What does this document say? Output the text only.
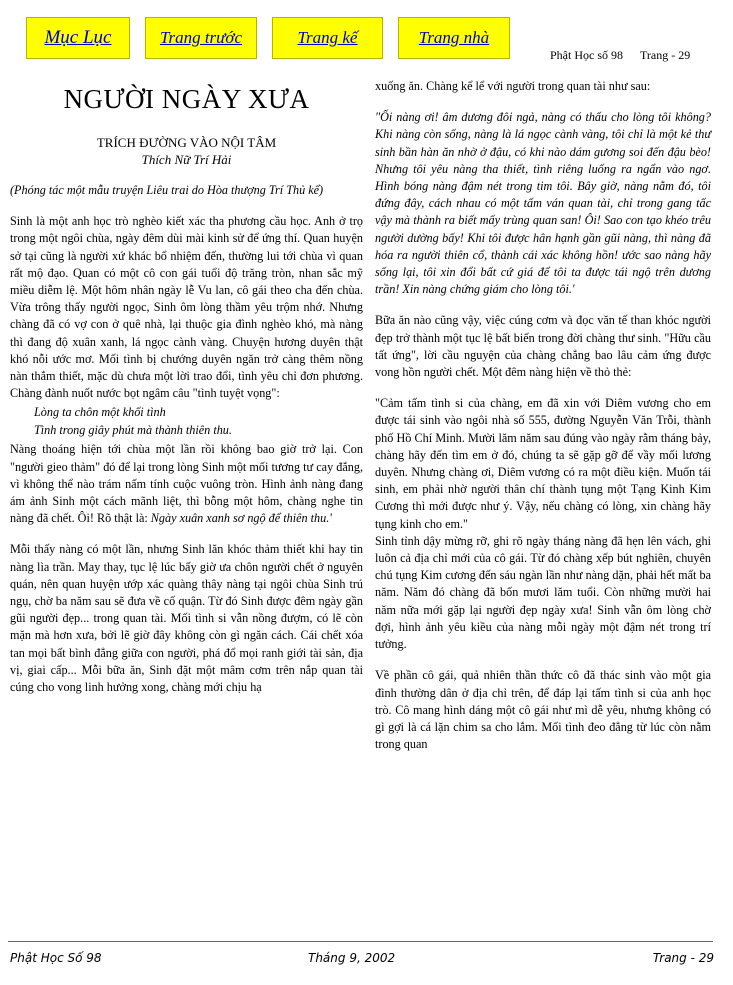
Mục Lục	Trang trước	Trang kế	Trang nhà
Phật Học số 98 Trang - 29
NGƯỜI NGÀY XƯA
TRÍCH ĐƯỜNG VÀO NỘI TÂM
Thích Nữ Trí Hải

(Phóng tác một mẫu truyện Liêu trai do Hòa thượng Trí Thủ kể)

Sinh là một anh học trò nghèo kiết xác tha phương cầu học. Anh ở trọ trong một ngôi chùa, ngày đêm dùi mài kinh sử để ứng thí. Quan huyện sở tại cũng là người xứ khác bổ nhiệm đến, thường lui tới chùa vì quan rất mộ đạo. Quan có một cô con gái tuổi độ trăng tròn, nhan sắc mỹ miều diễm lệ. Một hôm nhân ngày lễ Vu lan, cô gái theo cha đến chùa. Vừa trông thấy người ngọc, Sinh ôm lòng thầm yêu trộm nhớ. Nhưng chàng đã có vợ con ở quê nhà, lại thuộc gia đình nghèo khó, mà nàng thì đang độ xuân xanh, lá ngọc cành vàng. Chuyện hương duyên thật khó nỗi ước mơ. Mối tình bị chướng duyên ngăn trở càng thêm nồng nàn thắm thiết, mặc dù chưa một lời trao đổi, tình yêu chỉ đơn phương. Chàng đành nuốt nước bọt ngâm câu "tình tuyệt vọng":

Lòng ta chôn một khối tình
Tình trong giây phút mà thành thiên thu.

Nàng thoáng hiện tới chùa một lần rồi không bao giờ trở lại. Con "người gieo thảm" đó để lại trong lòng Sinh một mối tương tư cay đắng, vì không thể nào trám nấm tính cuộc vuông tròn. Hình ảnh nàng đang ám ảnh Sinh một cách mãnh liệt, thì bỗng một hôm, chàng nghe tin nàng đã chết. Ôi! Rõ thật là: Ngày xuân xanh sơ ngộ để thiên thu.'

Mỗi thấy nàng có một lần, nhưng Sinh lăn khóc thảm thiết khi hay tin nàng lìa trần. May thay, tục lệ lúc bấy giờ ưa chôn người chết ở nguyên quán, nên quan huyện ướp xác quàng thây nàng tại ngôi chùa Sinh trú ngụ, chờ ba năm sau sẽ đưa về cố quận. Từ đó Sinh được đêm ngày gần gũi người đẹp... trong quan tài. Mối tình si vẫn nồng đượm, có lẽ còn mặn mà hơn xưa, bởi lẽ giờ đây không còn gì ngăn cách. Cái chết xóa tan mọi bất bình đẳng giữa con người, phá đổ mọi ranh giới tài sản, địa vị, giai cấp... Mỗi bữa ăn, Sinh đặt một mâm cơm trên nắp quan tài cúng cho vong linh hưởng xong, chàng mới chịu hạ

xuống ăn. Chàng kể lể với người trong quan tài như sau:

"Ối nàng ơi! âm dương đôi ngả, nàng có thấu cho lòng tôi không? Khi nàng còn sống, nàng là lá ngọc cành vàng, tôi chỉ là một kẻ thư sinh bần hàn ăn nhờ ở đậu, có khi nào dám gương soi đến đậu bèo! Nhưng tôi yêu nàng tha thiết, tình riêng luống ra ngẩn vào ngơ. Hình bóng nàng đậm nét trong tim tôi. Bây giờ, nàng nằm đó, tôi đứng đây, cách nhau có một tấm ván quan tài, chỉ trong gang tấc vậy mà thành ra biết mấy trùng quan san! Ôi! Sao con tạo khéo trêu người dường bấy! Khi tôi được hân hạnh gần gũi nàng, thì nàng đã hóa ra người thiên cổ, thành cái xác không hồn! ước sao nàng hãy sống lại, tôi xin đổi bất cứ giá để tôi ta được tái ngộ trên dương trần! Xin nàng chứng giám cho lòng tôi.'

Bữa ăn nào cũng vậy, việc cúng cơm và đọc văn tế than khóc người đẹp trở thành một tục lệ bất biến trong đời chàng thư sinh. "Hữu cầu tất ứng", lời cầu nguyện của chàng chẳng bao lâu cảm ứng được vong hồn người chết. Một đêm nàng hiện về thỏ thẻ:

"Cảm tấm tình si của chàng, em đã xin với Diêm vương cho em được tái sinh vào ngôi nhà số 555, đường Nguyễn Văn Trỗi, thành phố Hồ Chí Minh. Mười lăm năm sau đúng vào ngày rằm tháng bảy, chàng hãy đến tìm em ở đó, chúng ta sẽ gặp gỡ để vầy mối lương duyên. Nhưng chàng ơi, Diêm vương có ra một điều kiện. Muốn tái sinh, em phải nhờ người thân chí thành tụng một Tạng Kinh Kim Cương thì mới được như ý. Vậy, nếu chàng có lòng, xin chàng hãy tụng kinh cho em."

Sinh tỉnh dậy mừng rỡ, ghi rõ ngày tháng nàng đã hẹn lên vách, ghi luôn cả địa chỉ mới của cô gái. Từ đó chàng xếp bút nghiên, chuyên chú tụng Kim cương đến sáu ngàn lần như nàng dặn, phải hết mất ba năm. Năm đó chàng đã bốn mươi lăm tuổi. Còn những mười hai năm nữa mới gặp lại người đẹp ngày xưa! Sinh vẫn ôm lòng chờ đợi, hình ảnh yêu kiều của nàng mỗi ngày một đậm nét trong trí tưởng.

Về phần cô gái, quả nhiên thần thức cô đã thác sinh vào một gia đình thường dân ở địa chỉ trên, để đáp lại tấm tình si của anh học trò. Cô mang hình dáng một cô gái như mì dễ yêu, nhưng không có gì gợi là cá lặn chim sa cho lắm. Mối tình đeo đẳng từ lúc còn nằm trong quan

Phật Học Số 98	Tháng 9, 2002	Trang - 29
